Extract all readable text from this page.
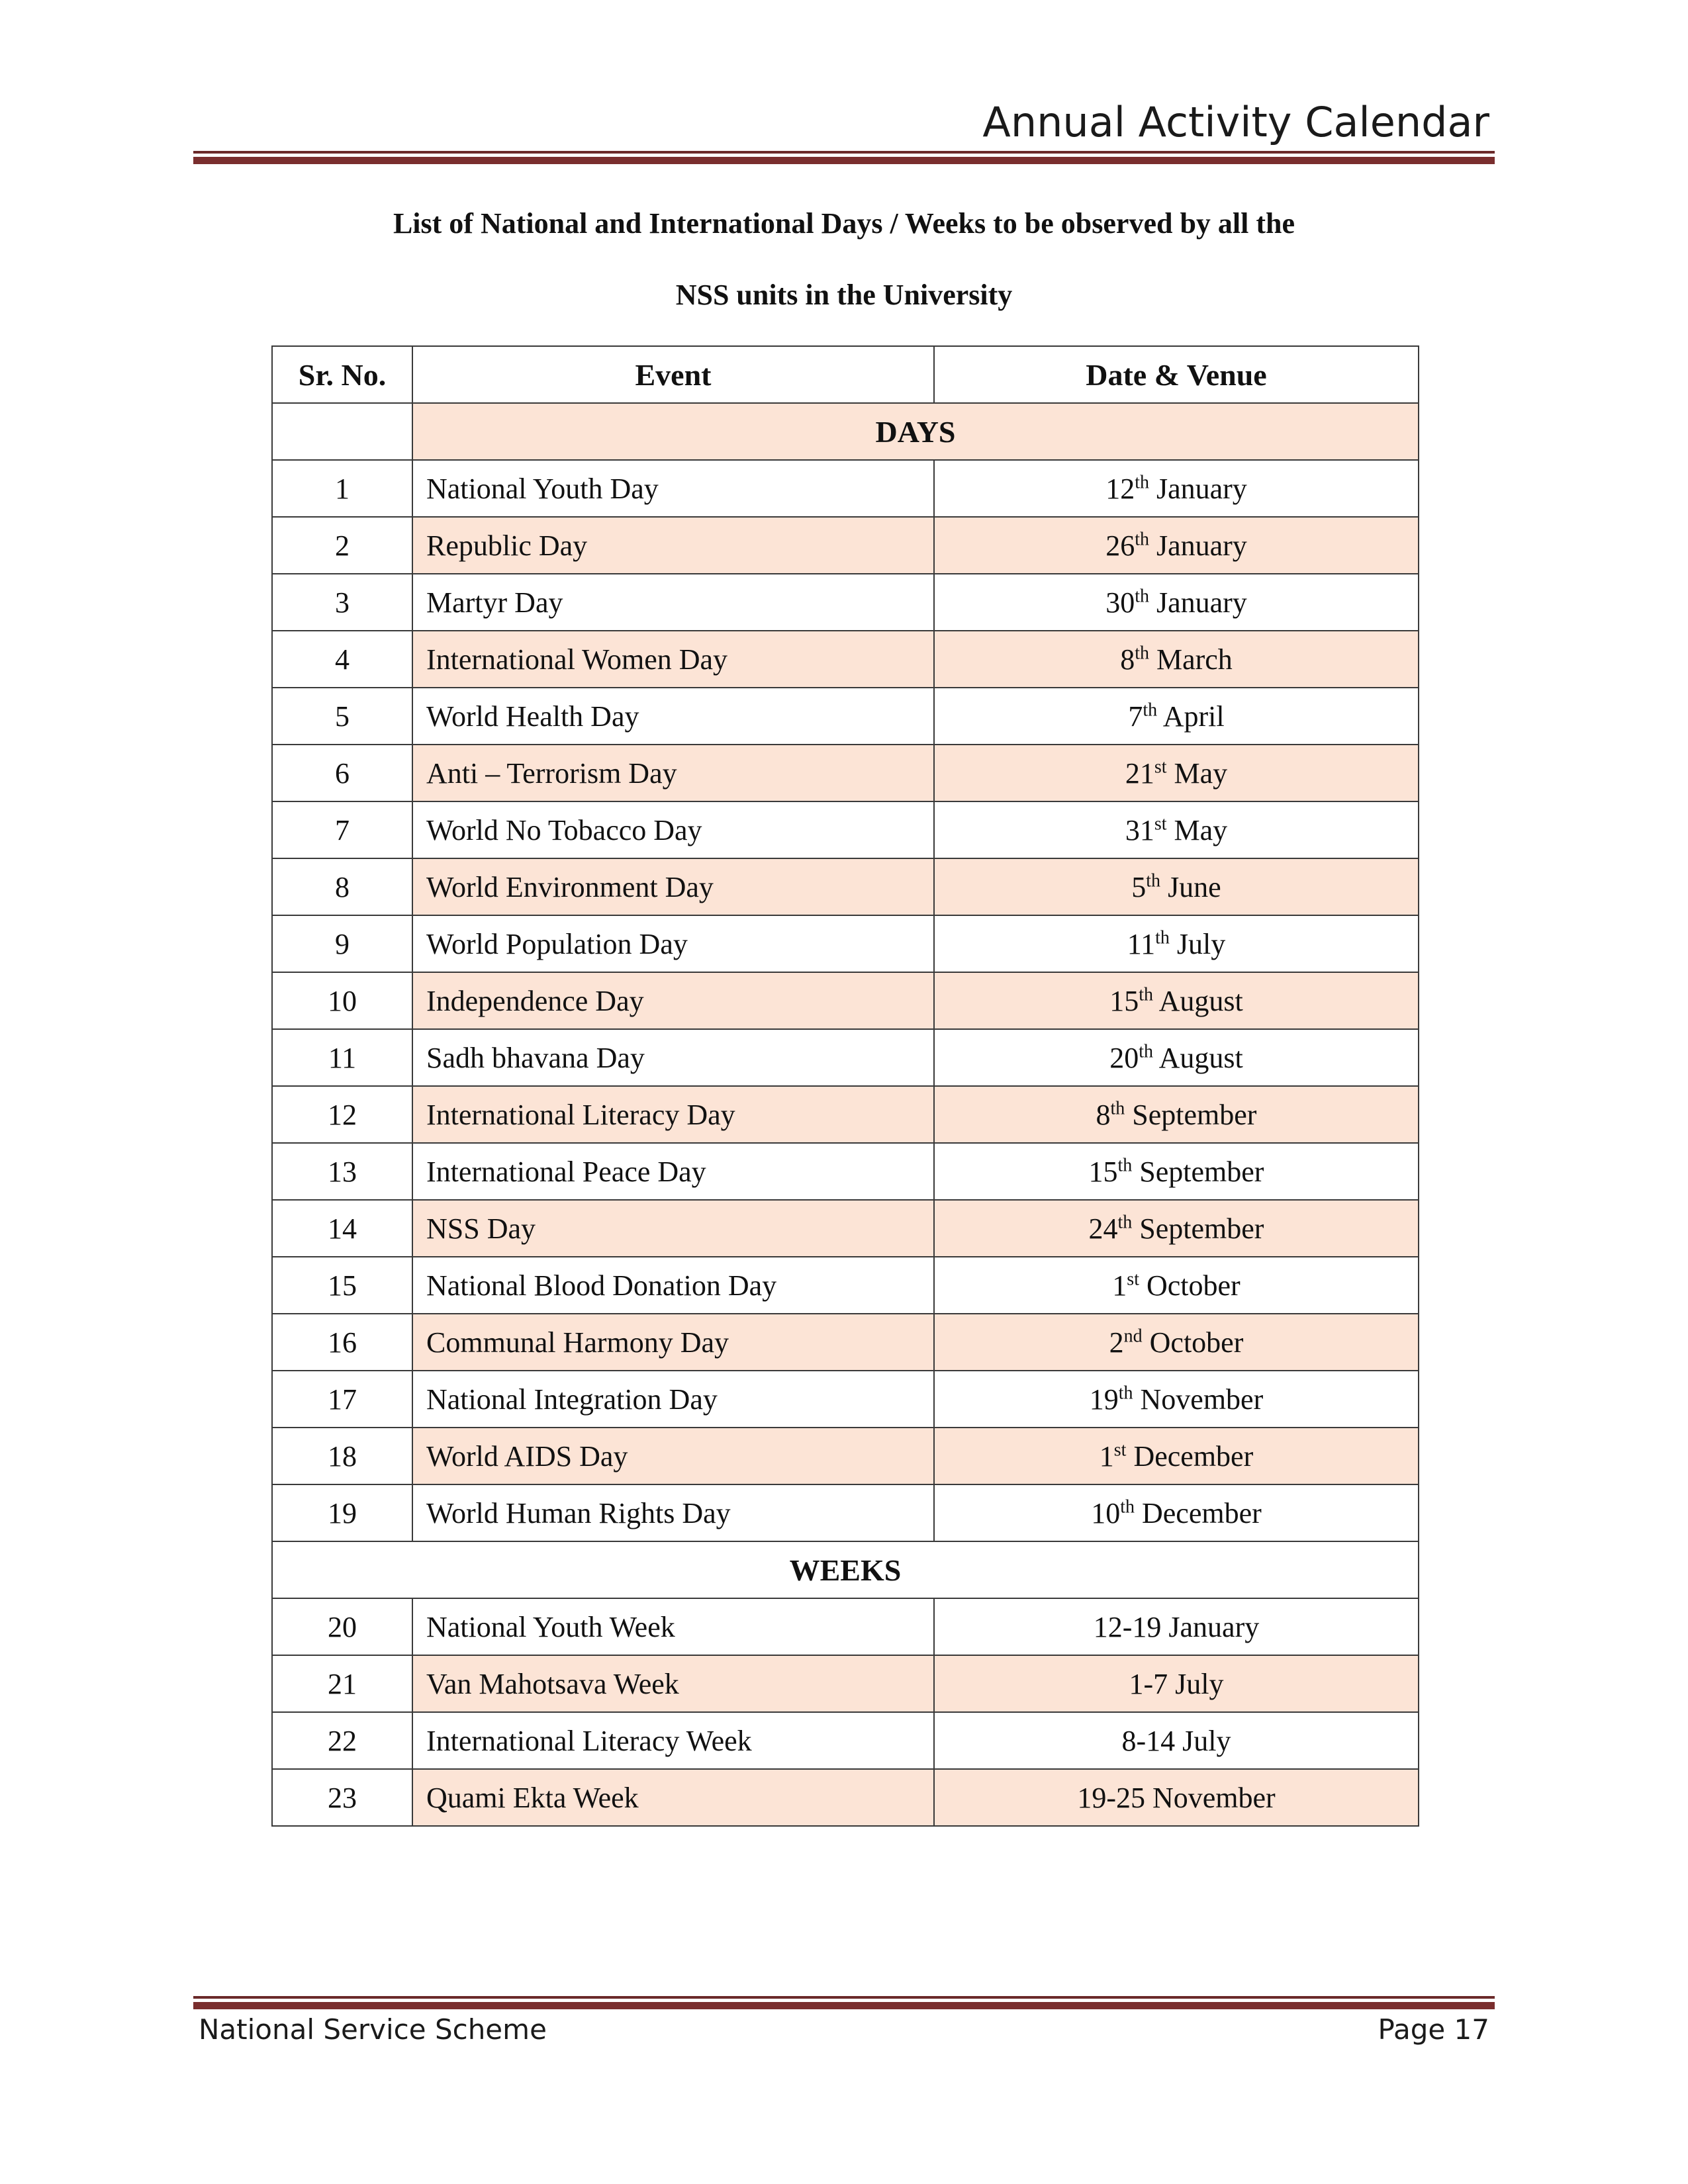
Annual Activity Calendar
List of National and International Days / Weeks to be observed by all the
NSS units in the University
Sr. No.	Event	Date & Venue
	DAYS	
1	National Youth Day	12th January
2	Republic Day	26th January
3	Martyr Day	30th January
4	International Women Day	8th March
5	World Health Day	7th April
6	Anti – Terrorism Day	21st May
7	World No Tobacco Day	31st May
8	World Environment Day	5th June
9	World Population Day	11th July
10	Independence Day	15th August
11	Sadh bhavana Day	20th August
12	International Literacy Day	8th September
13	International Peace Day	15th September
14	NSS Day	24th September
15	National Blood Donation Day	1st October
16	Communal Harmony Day	2nd October
17	National Integration Day	19th November
18	World AIDS Day	1st December
19	World Human Rights Day	10th December
WEEKS		
20	National Youth Week	12-19 January
21	Van Mahotsava Week	1-7 July
22	International Literacy Week	8-14 July
23	Quami Ekta Week	19-25 November
National Service Scheme	Page 17
